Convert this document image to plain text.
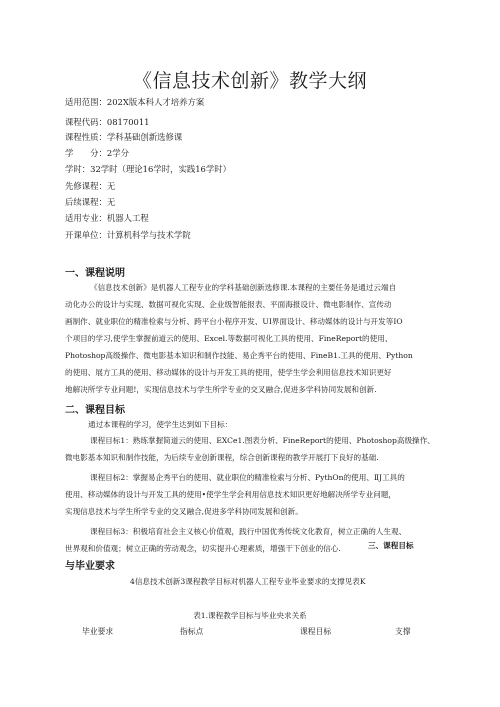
《信息技术创新》教学大纲
适用范围：202X版本科人才培养方案
课程代码：08170011
课程性质：学科基础创新选修课
学　　分：2学分
学时：32学时（理论16学时，实践16学时）
先修课程：无
后续课程：无
适用专业：机器人工程
开课单位：计算机科学与技术学院
一、课程说明
《信息技术创新》是机器人工程专业的学科基础创新选修课.本课程的主要任务是通过云端自
动化办公的设计与实现、数据可视化实现、企业级智能报表、平面海报设计、微电影制作、宣传动
画制作、就业职位的精准检索与分析、跨平台小程序开发、UI界面设计、移动媒体的设计与开发等IO
个项目的学习,使学生掌握前道云的使用、Excel.等数据可视化工具的使用、FineReport的使用、
Photoshop高级操作、微电影基本知识和制作技能、易企秀平台的使用、FineB1.工具的使用、Python
的使用、展方工具的使用、移动媒体的设计与开发工具的使用，使学生学会利用信息技术知识更好
地解决所学专业问题!，实现信息技术与学生所学专业的交叉融合,促进多学科协同发展和创新.
二、课程目标
通过本课程的学习，使学生达到如下目标：
课程目标1：熟练掌握简道云的使用、EXCe1.图表分析、FineReport的使用、Photoshop高级操作、
微电影基本知识和制作技能，为后续专业创新课程，综合创新课程的教学开展打下良好的基础.
课程目标2：掌握易企秀平台的使用、就业职位的精准检索与分析、PythOn的使用、ⅡJ工具的
使用、移动媒体的设计与开发工具的使用•使学生学会利用信息技术知识更好地解决所学专业问题，
实现信息技术与学生所学专业的交叉融合,促进多学科协同发展和创新。
课程目标3：积极培育社会主义核心价值观，践行中国优秀传统文化教育，树立正确的人生观、
世界观和价值观；树立正确的劳动观念，切实提升心理素质，增强干下创业的信心.	三、课程目标
与毕业要求
4信息技术创新3课程教学目标对机器人工程专业毕业要求的支撑见表K
表1.课程教学目标与毕业央求关系
毕业要求	指标点	课程目标	支撑
